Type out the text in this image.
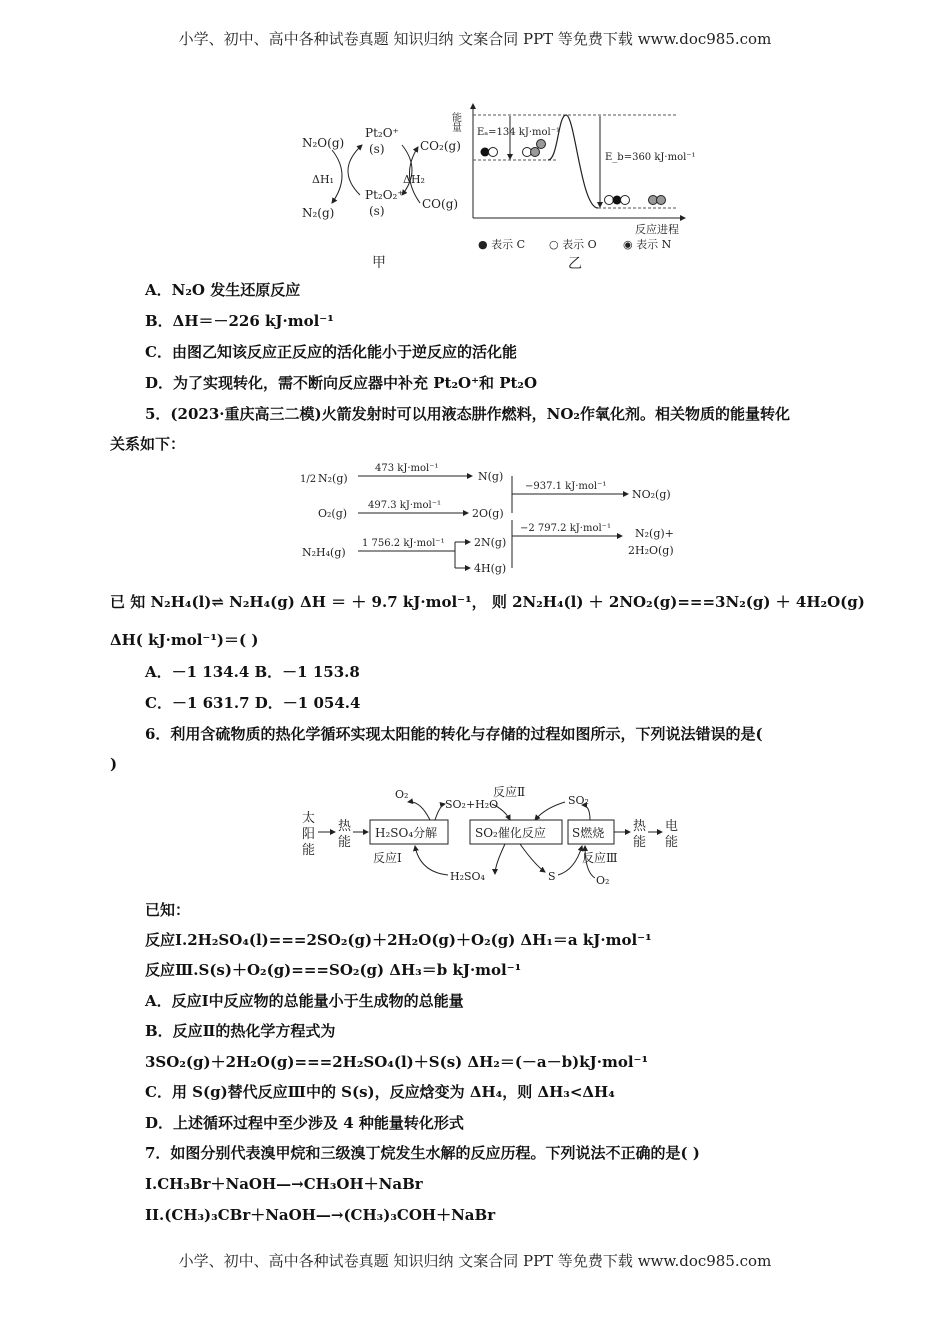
小学、初中、高中各种试卷真题 知识归纳 文案合同 PPT 等免费下载 www.doc985.com
N₂O(g)
N₂(g)
Pt₂O⁺
(s)
Pt₂O₂⁺
(s)
CO₂(g)
CO(g)
ΔH₁	ΔH₂
甲
能量
Eₐ=134 kJ·mol⁻¹
E_b=360 kJ·mol⁻¹
反应进程
● 表示 C ○ 表示 O ◉ 表示 N
乙
A．N₂O 发生还原反应
B．ΔH＝－226 kJ·mol⁻¹
C．由图乙知该反应正反应的活化能小于逆反应的活化能
D．为了实现转化，需不断向反应器中补充 Pt₂O⁺和 Pt₂O
5．(2023·重庆高三二模)火箭发射时可以用液态肼作燃料，NO₂作氧化剂。相关物质的能量转化
关系如下：
1/2 N₂(g)
O₂(g)
N₂H₄(g)
473 kJ·mol⁻¹
497.3 kJ·mol⁻¹
1 756.2 kJ·mol⁻¹
N(g)
2O(g)
2N(g)
4H(g)
−937.1 kJ·mol⁻¹
−2 797.2 kJ·mol⁻¹
NO₂(g)
N₂(g)+
2H₂O(g)
已 知 N₂H₄(l)⇌ N₂H₄(g) ΔH ＝ ＋ 9.7 kJ·mol⁻¹， 则 2N₂H₄(l) ＋ 2NO₂(g)===3N₂(g) ＋ 4H₂O(g)
ΔH( kJ·mol⁻¹)＝( )
A．－1 134.4 B．－1 153.8
C．－1 631.7 D．－1 054.4
6．利用含硫物质的热化学循环实现太阳能的转化与存储的过程如图所示，下列说法错误的是(
)
太
阳
能
热
能
H₂SO₄分解	SO₂催化反应 S燃烧 热
能
电
能
O₂
SO₂+H₂O
反应Ⅱ
SO₂
反应Ⅰ
H₂SO₄	S
反应Ⅲ
O₂
已知：
反应Ⅰ.2H₂SO₄(l)===2SO₂(g)＋2H₂O(g)＋O₂(g) ΔH₁＝a kJ·mol⁻¹
反应Ⅲ.S(s)＋O₂(g)===SO₂(g) ΔH₃＝b kJ·mol⁻¹
A．反应Ⅰ中反应物的总能量小于生成物的总能量
B．反应Ⅱ的热化学方程式为
3SO₂(g)＋2H₂O(g)===2H₂SO₄(l)＋S(s) ΔH₂＝(－a－b)kJ·mol⁻¹
C．用 S(g)替代反应Ⅲ中的 S(s)，反应焓变为 ΔH₄，则 ΔH₃<ΔH₄
D．上述循环过程中至少涉及 4 种能量转化形式
7．如图分别代表溴甲烷和三级溴丁烷发生水解的反应历程。下列说法不正确的是( )
I.CH₃Br＋NaOH—→CH₃OH＋NaBr
II.(CH₃)₃CBr＋NaOH—→(CH₃)₃COH＋NaBr
小学、初中、高中各种试卷真题 知识归纳 文案合同 PPT 等免费下载 www.doc985.com
